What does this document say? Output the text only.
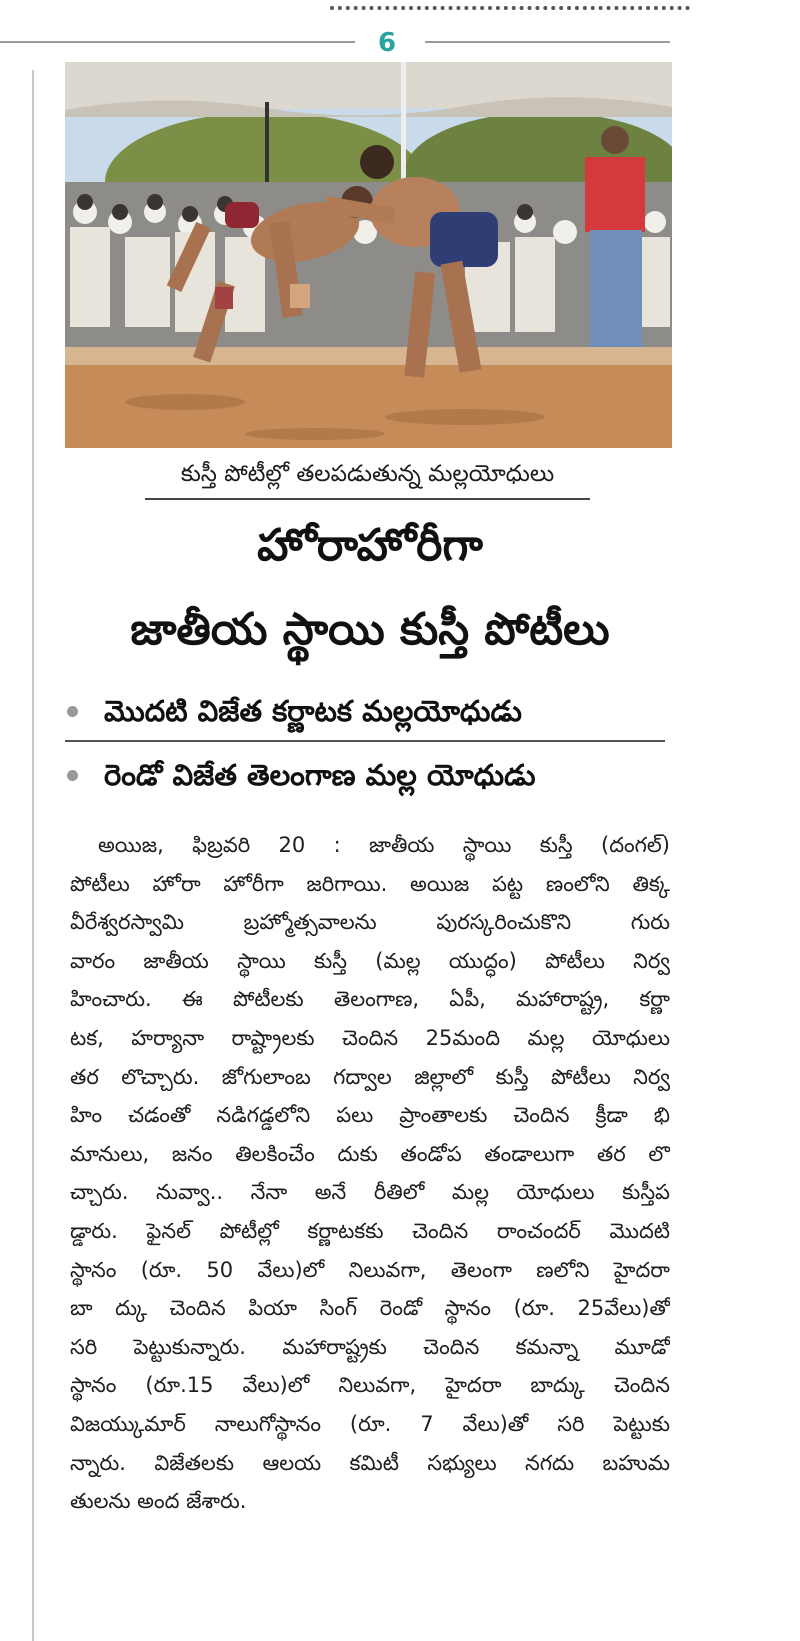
6
కుస్తీ పోటీల్లో తలపడుతున్న మల్లయోధులు
హోరాహోరీగా
జాతీయ స్థాయి కుస్తీ పోటీలు
మొదటి విజేత కర్ణాటక మల్లయోధుడు
రెండో విజేత తెలంగాణ మల్ల యోధుడు
అయిజ, ఫిబ్రవరి 20 : జాతీయ స్థాయి కుస్తీ (దంగల్)
పోటీలు హోరా హోరీగా జరిగాయి. అయిజ పట్ట ణంలోని తిక్క
వీరేశ్వరస్వామి బ్రహ్మోత్సవాలను పురస్కరించుకొని గురు
వారం జాతీయ స్థాయి కుస్తీ (మల్ల యుద్ధం) పోటీలు నిర్వ
హించారు. ఈ పోటీలకు తెలంగాణ, ఏపీ, మహారాష్ట్ర, కర్ణా
టక, హర్యానా రాష్ట్రాలకు చెందిన 25మంది మల్ల యోధులు
తర లొచ్చారు. జోగులాంబ గద్వాల జిల్లాలో కుస్తీ పోటీలు నిర్వ
హిం చడంతో నడిగడ్డలోని పలు ప్రాంతాలకు చెందిన క్రీడా భి
మానులు, జనం తిలకించేం దుకు తండోప తండాలుగా తర లొ
చ్చారు. నువ్వా.. నేనా అనే రీతిలో మల్ల యోధులు కుస్తీప
డ్డారు. ఫైనల్ పోటీల్లో కర్ణాటకకు చెందిన రాంచందర్ మొదటి
స్థానం (రూ. 50 వేలు)లో నిలువగా, తెలంగా ణలోని హైదరా
బా ద్కు చెందిన పియా సింగ్ రెండో స్థానం (రూ. 25వేలు)తో
సరి పెట్టుకున్నారు. మహారాష్ట్రకు చెందిన కమన్నా మూడో
స్థానం (రూ.15 వేలు)లో నిలువగా, హైదరా బాద్కు చెందిన
విజయ్కుమార్ నాలుగోస్థానం (రూ. 7 వేలు)తో సరి పెట్టుకు
న్నారు. విజేతలకు ఆలయ కమిటీ సభ్యులు నగదు బహుమ
తులను అంద జేశారు.
